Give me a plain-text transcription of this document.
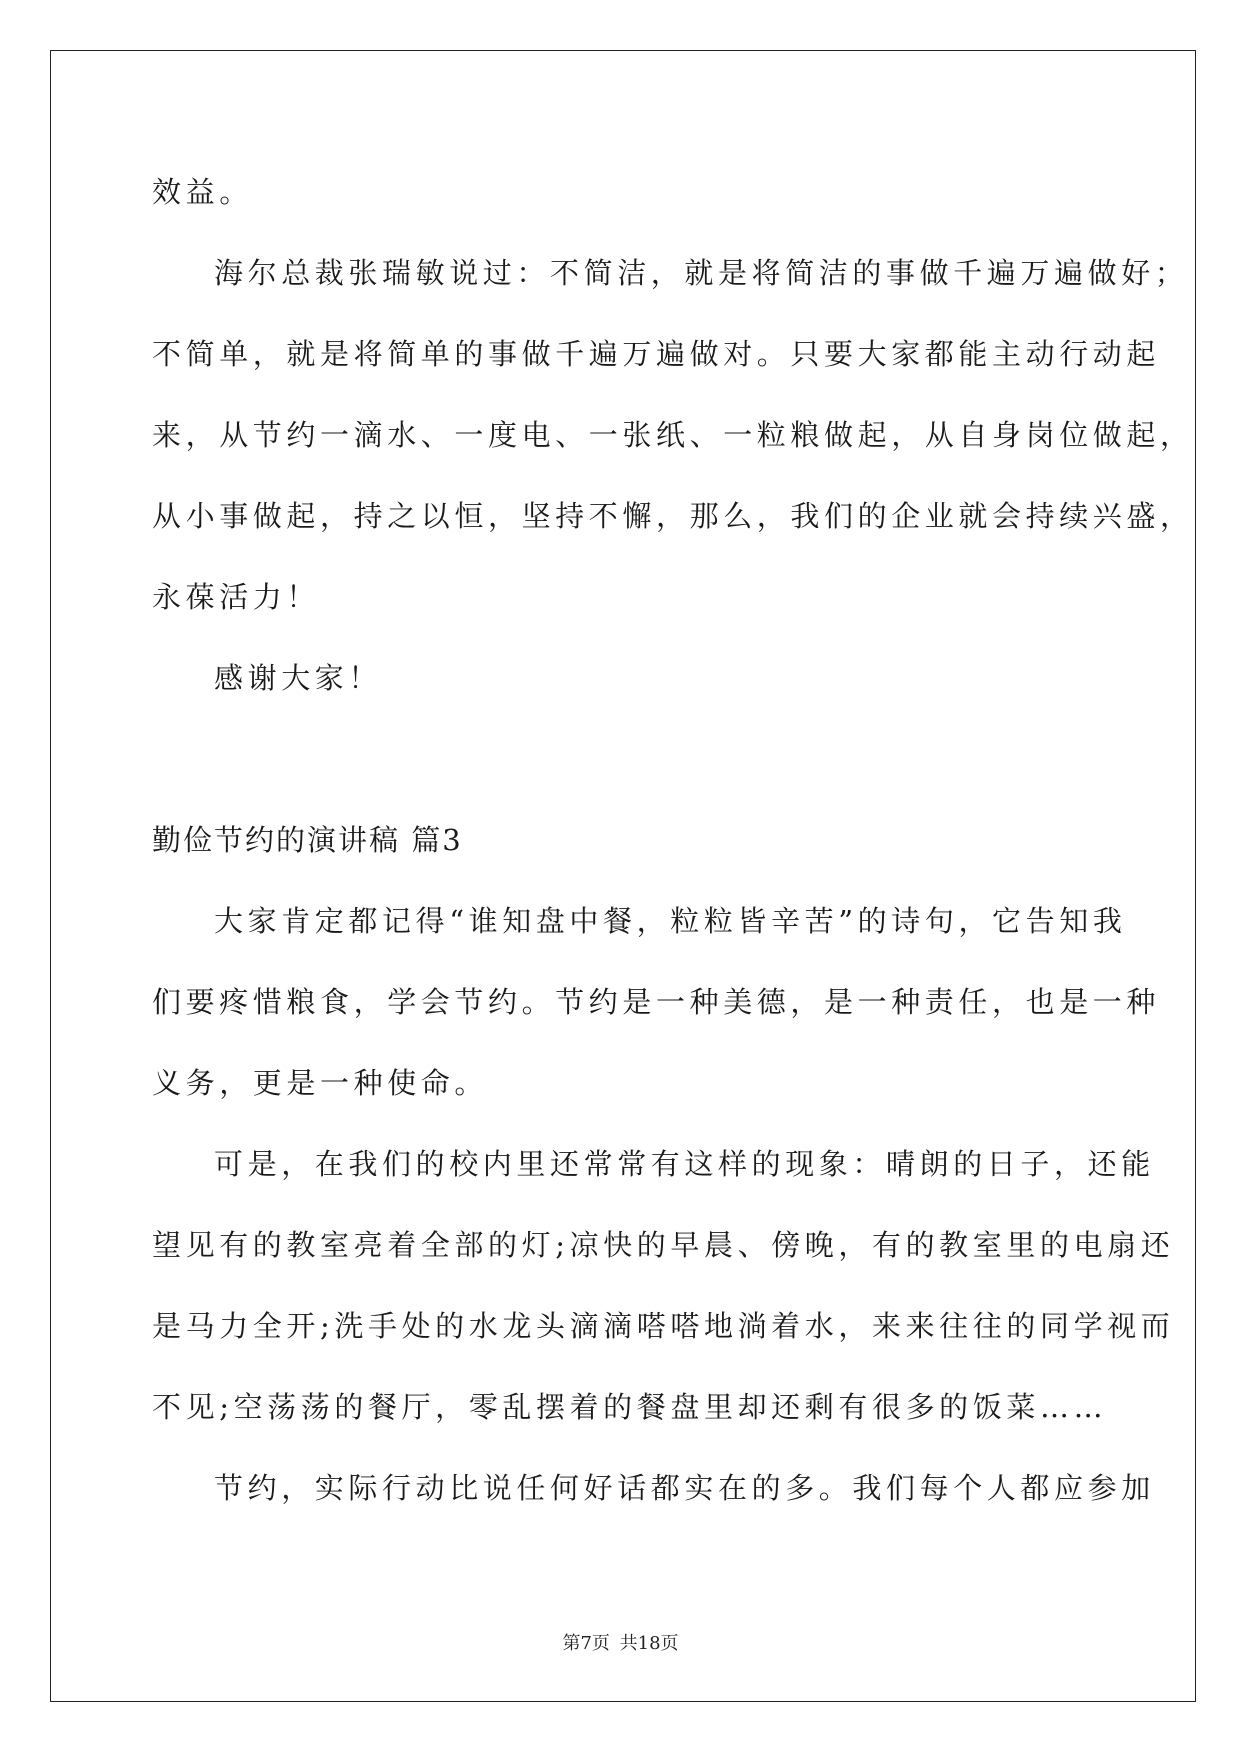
效益。
海尔总裁张瑞敏说过：不简洁，就是将简洁的事做千遍万遍做好；
不简单，就是将简单的事做千遍万遍做对。只要大家都能主动行动起
来，从节约一滴水、一度电、一张纸、一粒粮做起，从自身岗位做起，
从小事做起，持之以恒，坚持不懈，那么，我们的企业就会持续兴盛，
永葆活力！
感谢大家！
勤俭节约的演讲稿 篇3
大家肯定都记得“谁知盘中餐，粒粒皆辛苦”的诗句，它告知我
们要疼惜粮食，学会节约。节约是一种美德，是一种责任，也是一种
义务，更是一种使命。
可是，在我们的校内里还常常有这样的现象：晴朗的日子，还能
望见有的教室亮着全部的灯;凉快的早晨、傍晚，有的教室里的电扇还
是马力全开;洗手处的水龙头滴滴嗒嗒地淌着水，来来往往的同学视而
不见;空荡荡的餐厅，零乱摆着的餐盘里却还剩有很多的饭菜……
节约，实际行动比说任何好话都实在的多。我们每个人都应参加
第7页 共18页
